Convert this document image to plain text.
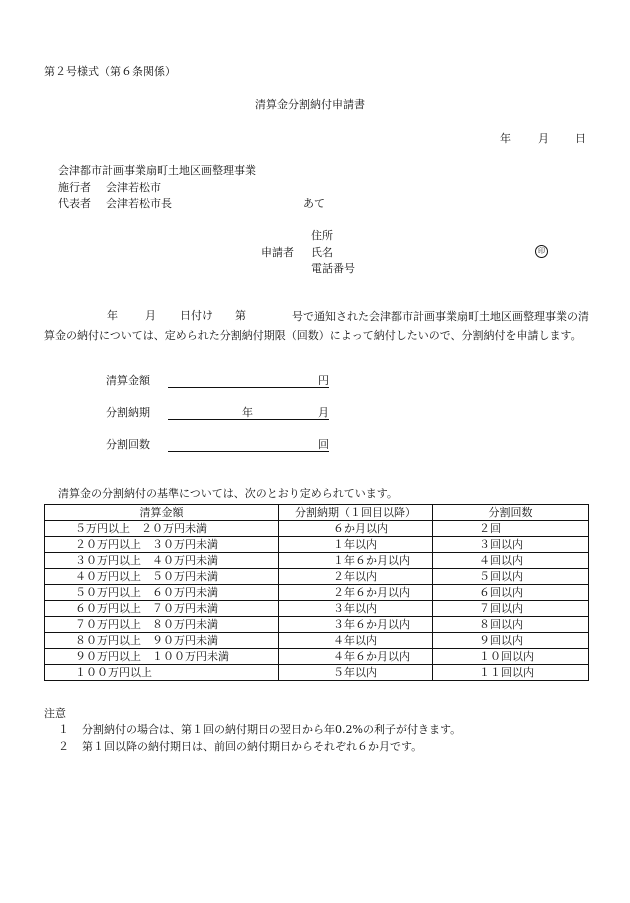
第２号様式（第６条関係）
清算金分割納付申請書
年 月 日
会津都市計画事業扇町土地区画整理事業
施行者 会津若松市
代表者 会津若松市長	あて
住所
申請者 氏名	印
電話番号
年 月 日付け 第	号で通知された会津都市計画事業扇町土地区画整理事業の清算金の納付については、定められた分割納付期限（回数）によって納付したいので、分割納付を申請します。
清算金額	円
分割納期	年	月
分割回数	回
清算金の分割納付の基準については、次のとおり定められています。
清算金額	分割納期（１回目以降）	分割回数
５万円以上　２０万円未満	６か月以内	２回
２０万円以上　３０万円未満	１年以内	３回以内
３０万円以上　４０万円未満	１年６か月以内	４回以内
４０万円以上　５０万円未満	２年以内	５回以内
５０万円以上　６０万円未満	２年６か月以内	６回以内
６０万円以上　７０万円未満	３年以内	７回以内
７０万円以上　８０万円未満	３年６か月以内	８回以内
８０万円以上　９０万円未満	４年以内	９回以内
９０万円以上　１００万円未満	４年６か月以内	１０回以内
１００万円以上	５年以内	１１回以内
注意
１ 分割納付の場合は、第１回の納付期日の翌日から年0.2%の利子が付きます。
２ 第１回以降の納付期日は、前回の納付期日からそれぞれ６か月です。
